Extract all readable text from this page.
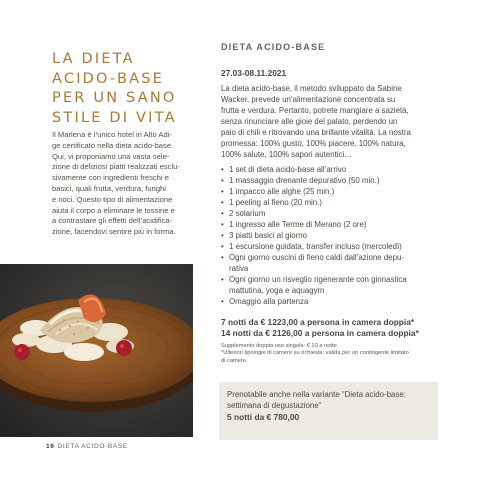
LA DIETA
ACIDO-BASE
PER UN SANO
STILE DI VITA
Il Marlena è l’unico hotel in Alto Adi-
ge certificato nella dieta acido-base.
Qui, vi proponiamo una vasta sele-
zione di deliziosi piatti realizzati esclu-
sivamente con ingredienti freschi e
basici, quali frutta, verdura, funghi
e noci. Questo tipo di alimentazione
aiuta il corpo a eliminare le tossine e
a contrastare gli effetti dell’acidifica-
zione, facendovi sentire più in forma.
16 DIETA ACIDO-BASE
DIETA ACIDO-BASE
27.03-08.11.2021
La dieta acido-base, il metodo sviluppato da Sabine
Wacker, prevede un’alimentazione concentrata su
frutta e verdura. Pertanto, potrete mangiare a sazietà,
senza rinunciare alle gioie del palato, perdendo un
paio di chili e ritrovando una brillante vitalità. La nostra
promessa: 100% gusto, 100% piacere, 100% natura,
100% salute, 100% sapori autentici…
• 1 set di dieta acido-base all’arrivo
• 1 massaggio drenante depurativo (50 min.)
• 1 impacco alle alghe (25 min.)
• 1 peeling al fieno (20 min.)
• 2 solarium
• 1 ingresso alle Terme di Merano (2 ore)
• 3 piatti basici al giorno
• 1 escursione guidata, transfer incluso (mercoledì)
• Ogni giorno cuscini di fieno caldi dall’azione depu-
rativa
• Ogni giorno un risveglio rigenerante con ginnastica
mattutina, yoga e aquagym
• Omaggio alla partenza
7 notti da € 1223,00 a persona in camera doppia*
14 notti da € 2126,00 a persona in camera doppia*
Supplemento doppia uso singola: € 10 a notte
*Ulteriori tipologie di camere su richiesta; valida per un contingente limitato
di camere.
Prenotabile anche nella variante “Dieta acido-base:
settimana di degustazione”
5 notti da € 780,00
